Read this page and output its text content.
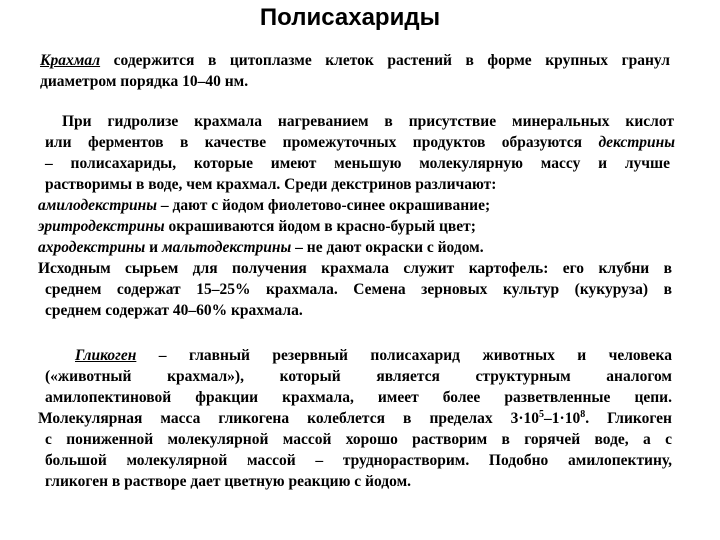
Полисахариды
Крахмал содержится в цитоплазме клеток растений в форме крупных гранул
диаметром порядка 10–40 нм.
При гидролизе крахмала нагреванием в присутствие минеральных кислот
или ферментов в качестве промежуточных продуктов образуются декстрины
– полисахариды, которые имеют меньшую молекулярную массу и лучше
растворимы в воде, чем крахмал. Среди декстринов различают:
амилодекстрины – дают с йодом фиолетово-синее окрашивание;
эритродекстрины окрашиваются йодом в красно-бурый цвет;
ахродекстрины и мальтодекстрины – не дают окраски с йодом.
Исходным сырьем для получения крахмала служит картофель: его клубни в
среднем содержат 15–25% крахмала. Семена зерновых культур (кукуруза) в
среднем содержат 40–60% крахмала.
Гликоген – главный резервный полисахарид животных и человека
(«животный крахмал»), который является структурным аналогом
амилопектиновой фракции крахмала, имеет более разветвленные цепи.
Молекулярная масса гликогена колеблется в пределах $3\cdot 10^5-1\cdot 10^8$. Гликоген
с пониженной молекулярной массой хорошо растворим в горячей воде, а с
большой молекулярной массой – труднорастворим. Подобно амилопектину,
гликоген в растворе дает цветную реакцию с йодом.
